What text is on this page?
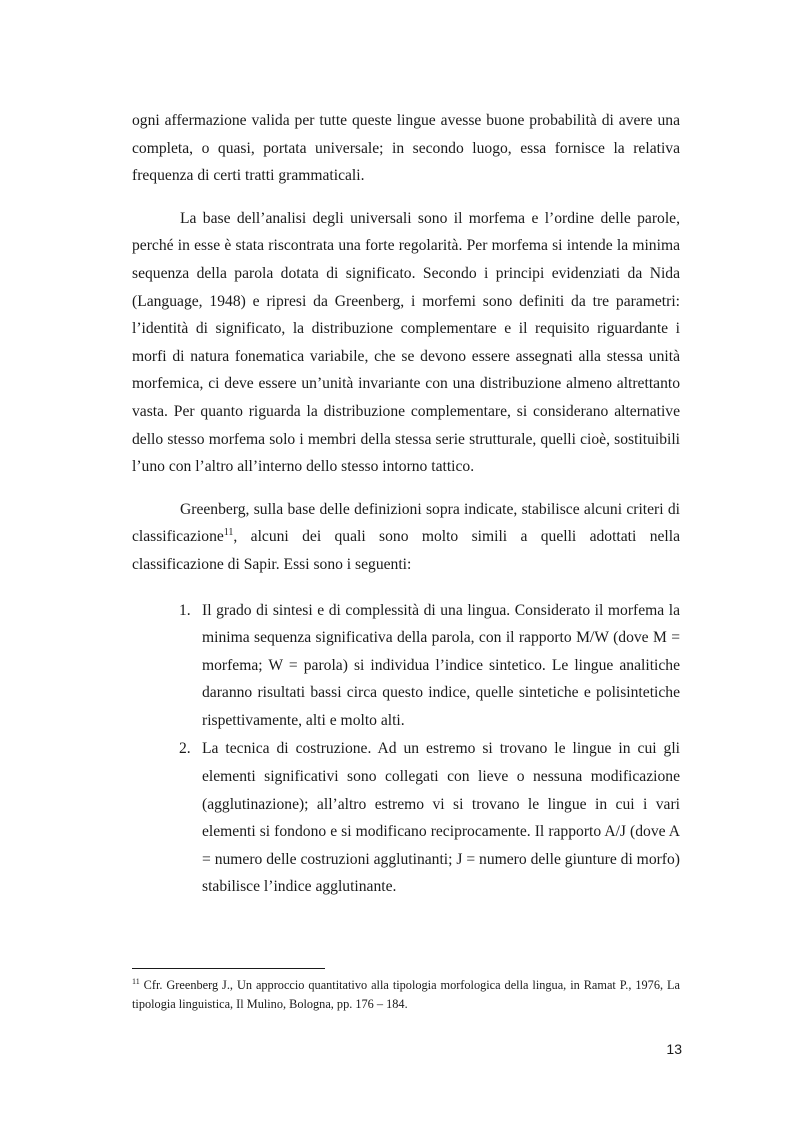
ogni affermazione valida per tutte queste lingue avesse buone probabilità di avere una completa, o quasi, portata universale; in secondo luogo, essa fornisce la relativa frequenza di certi tratti grammaticali.

La base dell’analisi degli universali sono il morfema e l’ordine delle parole, perché in esse è stata riscontrata una forte regolarità. Per morfema si intende la minima sequenza della parola dotata di significato. Secondo i principi evidenziati da Nida (Language, 1948) e ripresi da Greenberg, i morfemi sono definiti da tre parametri: l’identità di significato, la distribuzione complementare e il requisito riguardante i morfi di natura fonematica variabile, che se devono essere assegnati alla stessa unità morfemica, ci deve essere un’unità invariante con una distribuzione almeno altrettanto vasta. Per quanto riguarda la distribuzione complementare, si considerano alternative dello stesso morfema solo i membri della stessa serie strutturale, quelli cioè, sostituibili l’uno con l’altro all’interno dello stesso intorno tattico.

Greenberg, sulla base delle definizioni sopra indicate, stabilisce alcuni criteri di classificazione$^{11}$, alcuni dei quali sono molto simili a quelli adottati nella classificazione di Sapir. Essi sono i seguenti:

1. Il grado di sintesi e di complessità di una lingua. Considerato il morfema la minima sequenza significativa della parola, con il rapporto M/W (dove M = morfema; W = parola) si individua l’indice sintetico. Le lingue analitiche daranno risultati bassi circa questo indice, quelle sintetiche e polisintetiche rispettivamente, alti e molto alti.
2. La tecnica di costruzione. Ad un estremo si trovano le lingue in cui gli elementi significativi sono collegati con lieve o nessuna modificazione (agglutinazione); all’altro estremo vi si trovano le lingue in cui i vari elementi si fondono e si modificano reciprocamente. Il rapporto A/J (dove A = numero delle costruzioni agglutinanti; J = numero delle giunture di morfo) stabilisce l’indice agglutinante.
$^{11}$ Cfr. Greenberg J., Un approccio quantitativo alla tipologia morfologica della lingua, in Ramat P., 1976, La tipologia linguistica, Il Mulino, Bologna, pp. 176 – 184.
13
